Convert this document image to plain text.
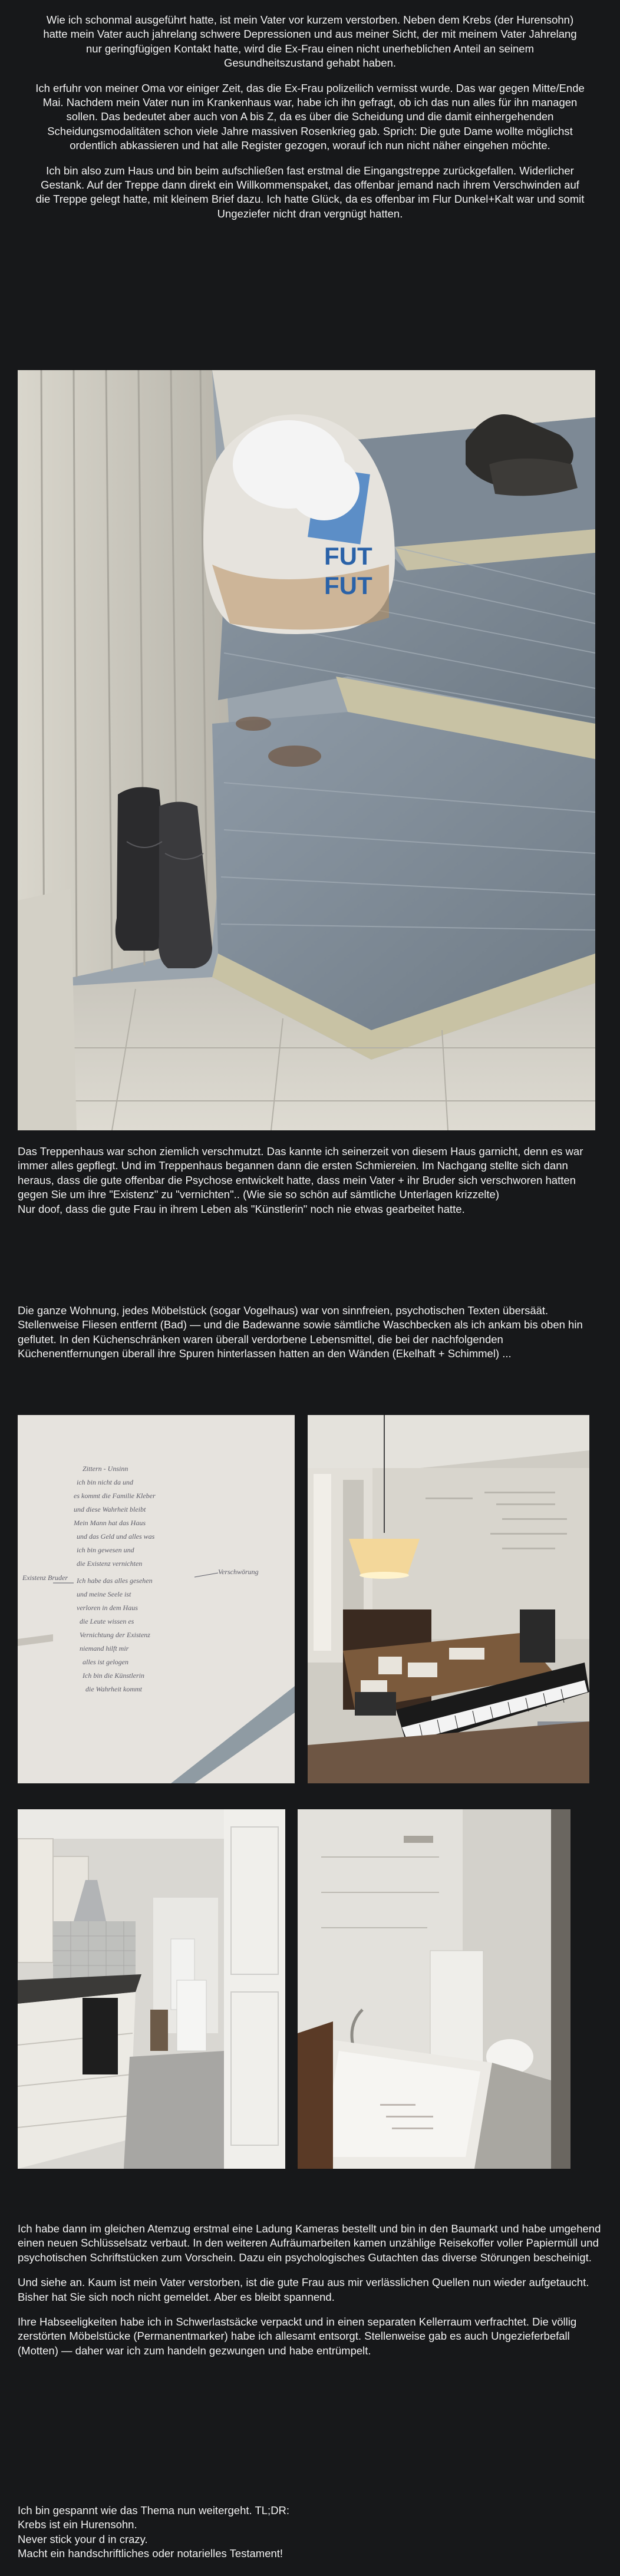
Wie ich schonmal ausgeführt hatte, ist mein Vater vor kurzem verstorben. Neben dem Krebs (der Hurensohn) hatte mein Vater auch jahrelang schwere Depressionen und aus meiner Sicht, der mit meinem Vater Jahrelang nur geringfügigen Kontakt hatte, wird die Ex-Frau einen nicht unerheblichen Anteil an seinem Gesundheitszustand gehabt haben.

Ich erfuhr von meiner Oma vor einiger Zeit, das die Ex-Frau polizeilich vermisst wurde. Das war gegen Mitte/Ende Mai. Nachdem mein Vater nun im Krankenhaus war, habe ich ihn gefragt, ob ich das nun alles für ihn managen sollen. Das bedeutet aber auch von A bis Z, da es über die Scheidung und die damit einhergehenden Scheidungsmodalitäten schon viele Jahre massiven Rosenkrieg gab. Sprich: Die gute Dame wollte möglichst ordentlich abkassieren und hat alle Register gezogen, worauf ich nun nicht näher eingehen möchte.

Ich bin also zum Haus und bin beim aufschließen fast erstmal die Eingangstreppe zurückgefallen. Widerlicher Gestank. Auf der Treppe dann direkt ein Willkommenspaket, das offenbar jemand nach ihrem Verschwinden auf die Treppe gelegt hatte, mit kleinem Brief dazu. Ich hatte Glück, da es offenbar im Flur Dunkel+Kalt war und somit Ungeziefer nicht dran vergnügt hatten.

FUT
FUT

Das Treppenhaus war schon ziemlich verschmutzt. Das kannte ich seinerzeit von diesem Haus garnicht, denn es war immer alles gepflegt. Und im Treppenhaus begannen dann die ersten Schmiereien. Im Nachgang stellte sich dann heraus, dass die gute offenbar die Psychose entwickelt hatte, dass mein Vater + ihr Bruder sich verschworen hatten gegen Sie um ihre "Existenz" zu "vernichten".. (Wie sie so schön auf sämtliche Unterlagen krizzelte)

Nur doof, dass die gute Frau in ihrem Leben als "Künstlerin" noch nie etwas gearbeitet hatte.

Die ganze Wohnung, jedes Möbelstück (sogar Vogelhaus) war von sinnfreien, psychotischen Texten übersäät. Stellenweise Fliesen entfernt (Bad) — und die Badewanne sowie sämtliche Waschbecken als ich ankam bis oben hin geflutet. In den Küchenschränken waren überall verdorbene Lebensmittel, die bei der nachfolgenden Küchenentfernungen überall ihre Spuren hinterlassen hatten an den Wänden (Ekelhaft + Schimmel) ...

Zittern - Unsinn
ich bin nicht da und
es kommt die Familie Kleber
und diese Wahrheit bleibt
Mein Mann hat das Haus
und das Geld und alles was
ich bin gewesen und
die Existenz vernichten
Ich habe das alles gesehen
und meine Seele ist
verloren in dem Haus
die Leute wissen es
Vernichtung der Existenz
niemand hilft mir
alles ist gelogen
Ich bin die Künstlerin
die Wahrheit kommt
Existenz Bruder
Verschwörung

Ich habe dann im gleichen Atemzug erstmal eine Ladung Kameras bestellt und bin in den Baumarkt und habe umgehend einen neuen Schlüsselsatz verbaut. In den weiteren Aufräumarbeiten kamen unzählige Reisekoffer voller Papiermüll und psychotischen Schriftstücken zum Vorschein. Dazu ein psychologisches Gutachten das diverse Störungen bescheinigt.

Und siehe an. Kaum ist mein Vater verstorben, ist die gute Frau aus mir verlässlichen Quellen nun wieder aufgetaucht. Bisher hat Sie sich noch nicht gemeldet. Aber es bleibt spannend.

Ihre Habseeligkeiten habe ich in Schwerlastsäcke verpackt und in einen separaten Kellerraum verfrachtet. Die völlig zerstörten Möbelstücke (Permanentmarker) habe ich allesamt entsorgt. Stellenweise gab es auch Ungezieferbefall (Motten) — daher war ich zum handeln gezwungen und habe entrümpelt.

Ich bin gespannt wie das Thema nun weitergeht. TL;DR:
Krebs ist ein Hurensohn.
Never stick your d in crazy.
Macht ein handschriftliches oder notarielles Testament!
